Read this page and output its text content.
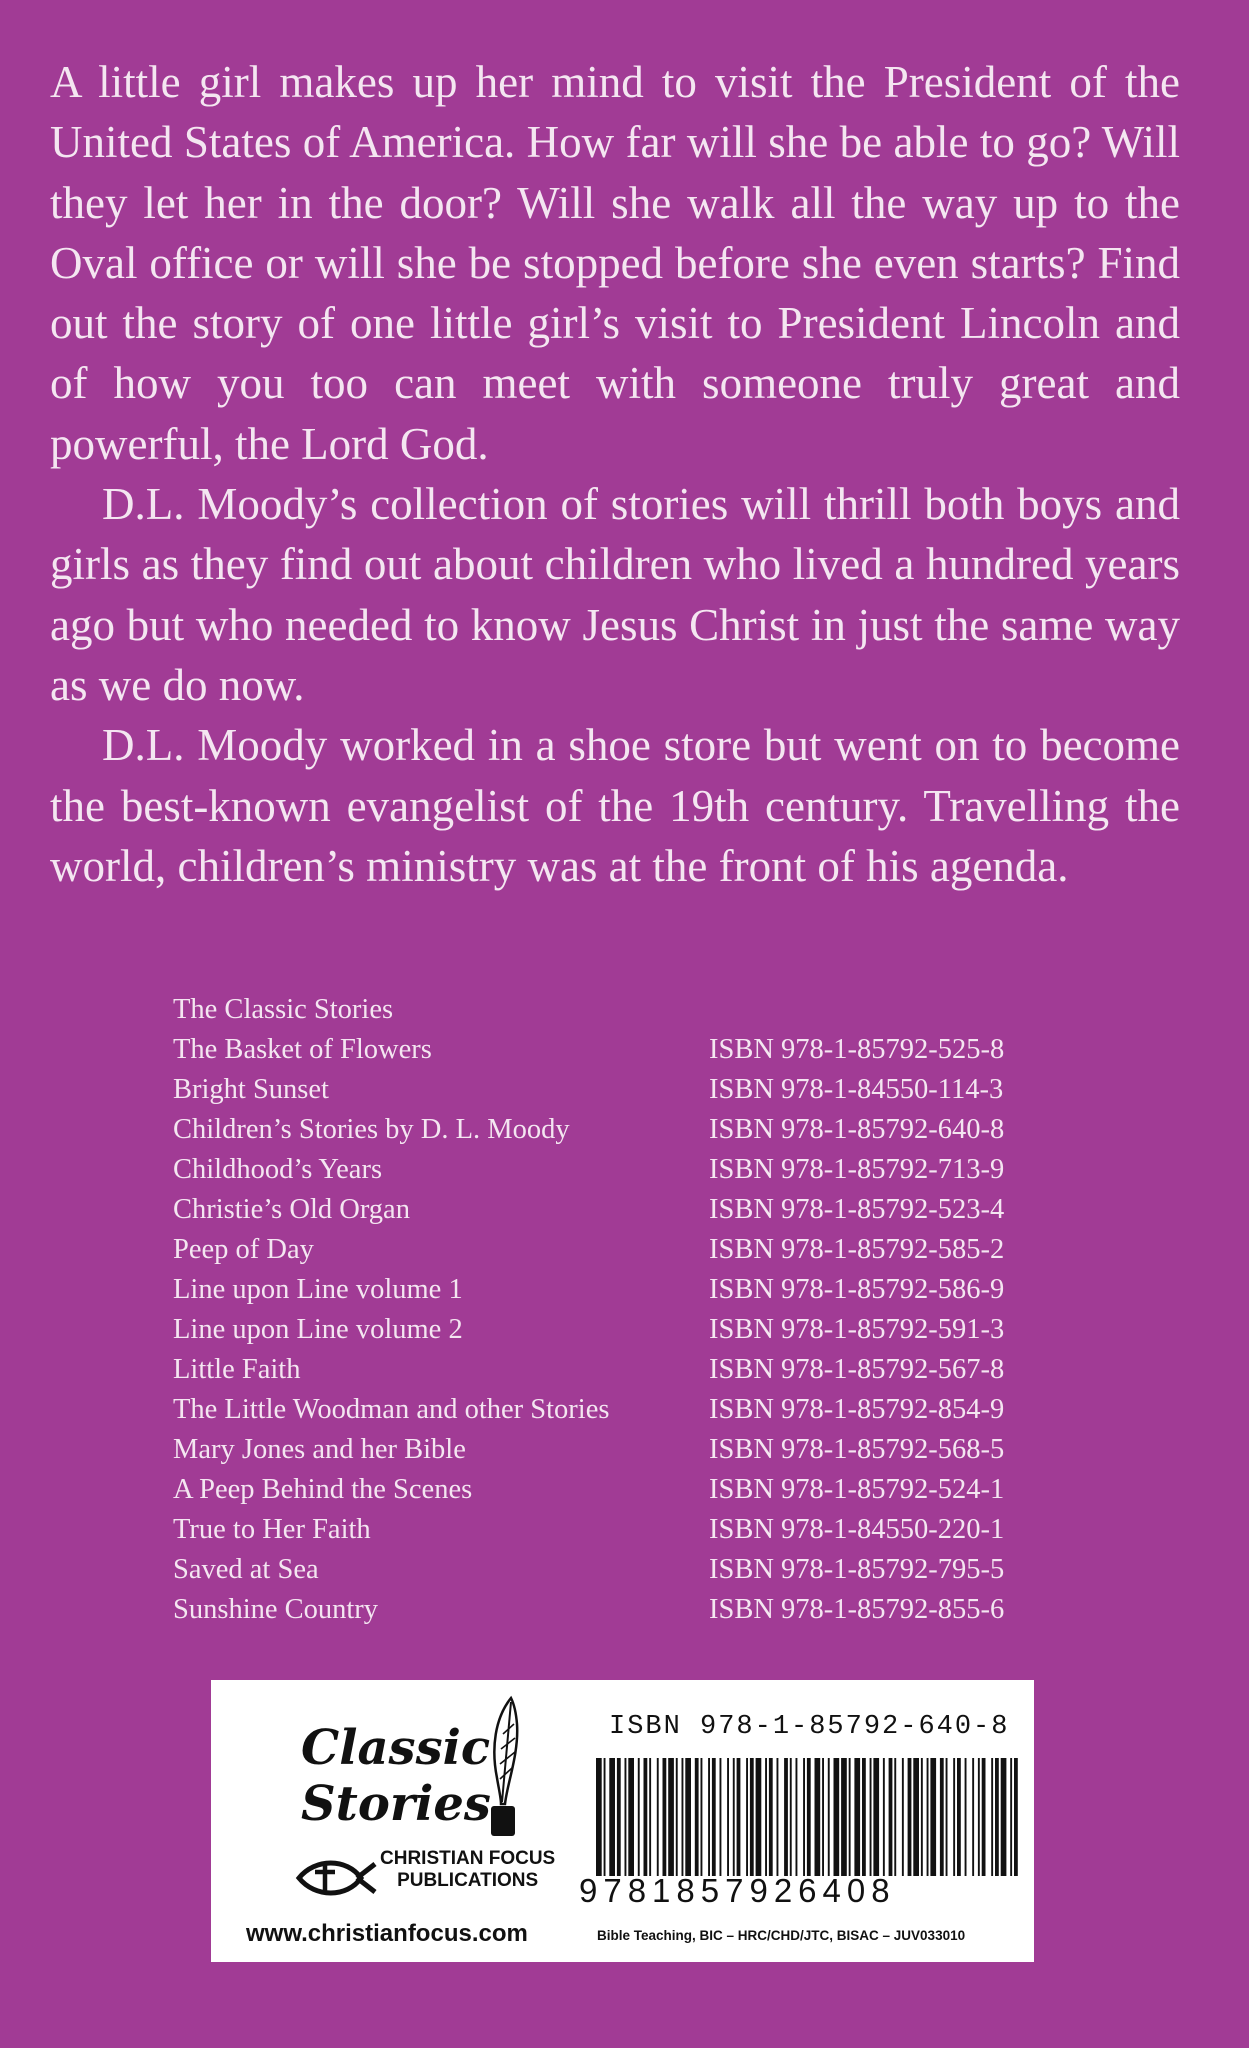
A little girl makes up her mind to visit the President of the United States of America. How far will she be able to go? Will they let her in the door? Will she walk all the way up to the Oval office or will she be stopped before she even starts? Find out the story of one little girl’s visit to President Lincoln and of how you too can meet with someone truly great and powerful, the Lord God.

D.L. Moody’s collection of stories will thrill both boys and girls as they find out about children who lived a hundred years ago but who needed to know Jesus Christ in just the same way as we do now.

D.L. Moody worked in a shoe store but went on to become the best-known evangelist of the 19th century. Travelling the world, children’s ministry was at the front of his agenda.

The Classic Stories
The Basket of Flowers	ISBN 978-1-85792-525-8
Bright Sunset	ISBN 978-1-84550-114-3
Children’s Stories by D. L. Moody	ISBN 978-1-85792-640-8
Childhood’s Years	ISBN 978-1-85792-713-9
Christie’s Old Organ	ISBN 978-1-85792-523-4
Peep of Day	ISBN 978-1-85792-585-2
Line upon Line volume 1	ISBN 978-1-85792-586-9
Line upon Line volume 2	ISBN 978-1-85792-591-3
Little Faith	ISBN 978-1-85792-567-8
The Little Woodman and other Stories	ISBN 978-1-85792-854-9
Mary Jones and her Bible	ISBN 978-1-85792-568-5
A Peep Behind the Scenes	ISBN 978-1-85792-524-1
True to Her Faith	ISBN 978-1-84550-220-1
Saved at Sea	ISBN 978-1-85792-795-5
Sunshine Country	ISBN 978-1-85792-855-6
Classic
Stories
CHRISTIAN FOCUS
PUBLICATIONS
www.christianfocus.com
ISBN 978-1-85792-640-8
9781857926408
Bible Teaching, BIC – HRC/CHD/JTC, BISAC – JUV033010
